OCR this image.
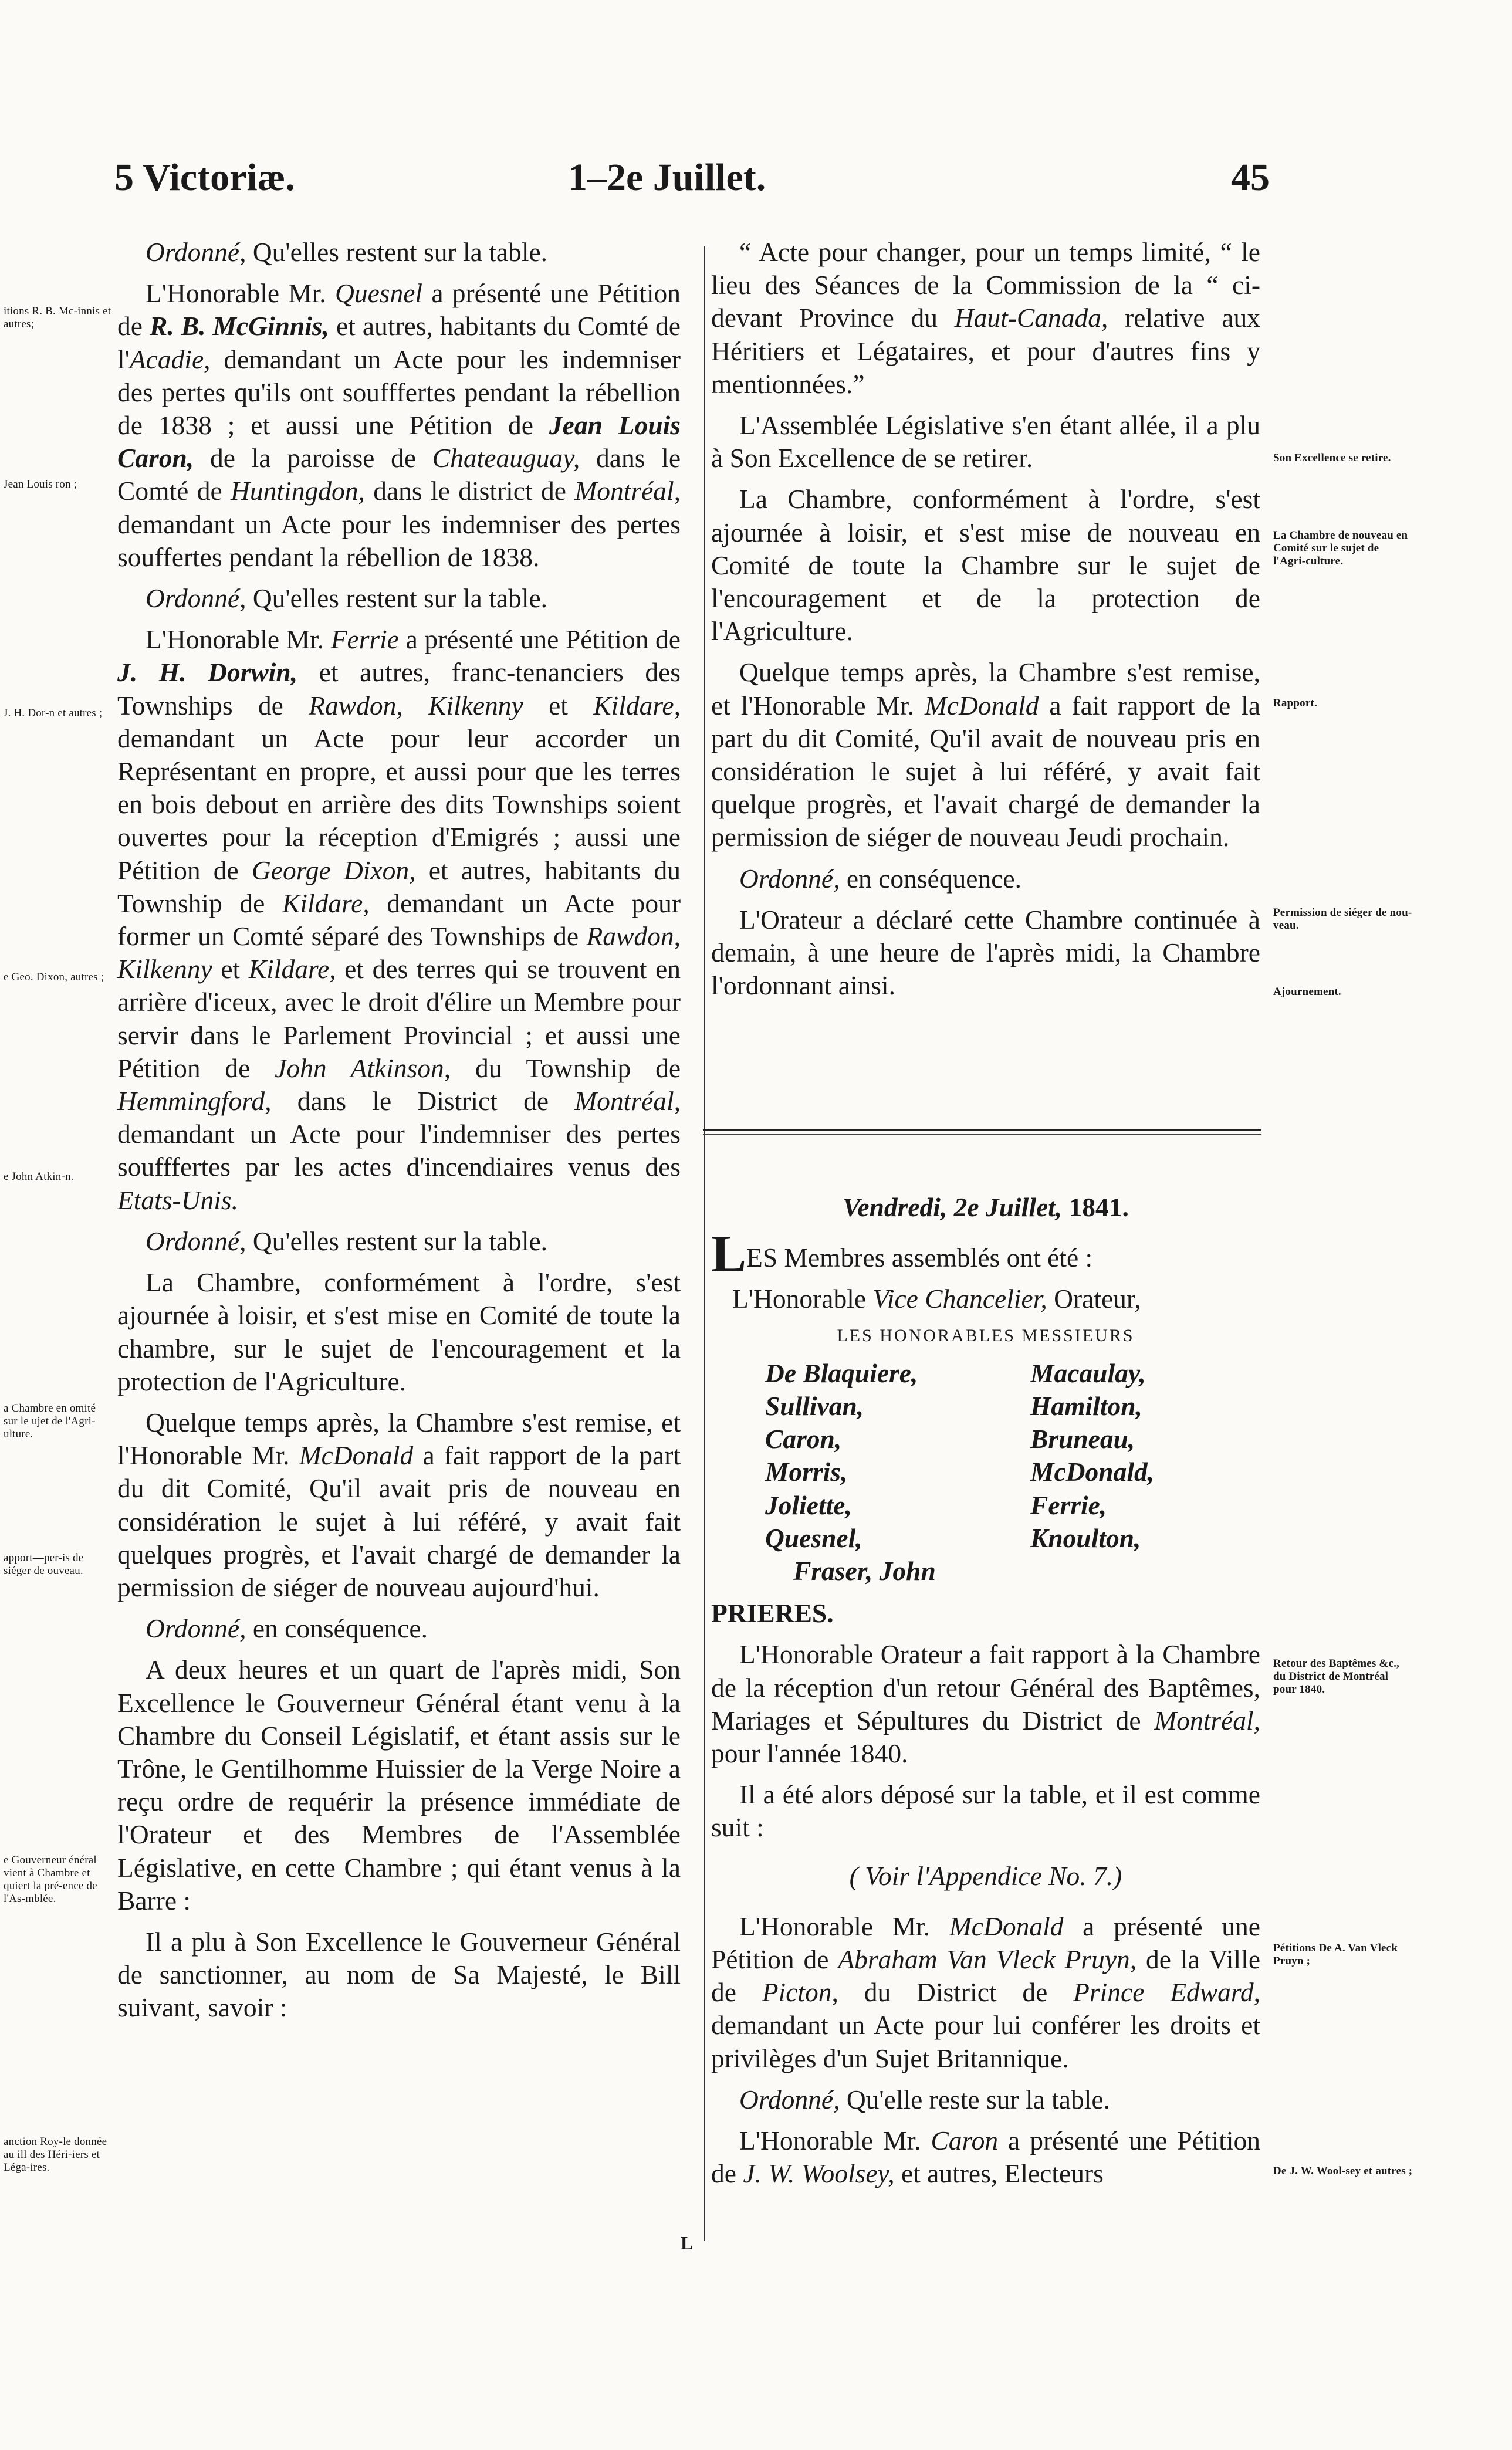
5 Victoriæ.	1–2e Juillet.	45
itions R. B. Mc-innis et autres;
Jean Louis ron ;
J. H. Dor-n et autres ;
e Geo. Dixon, autres ;
e John Atkin-n.
a Chambre en omité sur le ujet de l'Agri-ulture.
apport—per-is de siéger de ouveau.
e Gouverneur énéral vient à Chambre et quiert la pré-ence de l'As-mblée.
anction Roy-le donnée au ill des Héri-iers et Léga-ires.
Son Excellence se retire.
La Chambre de nouveau en Comité sur le sujet de l'Agri-culture.
Rapport.
Permission de siéger de nou-veau.
Ajournement.
Retour des Baptêmes &c., du District de Montréal pour 1840.
Pétitions De A. Van Vleck Pruyn ;
De J. W. Wool-sey et autres ;

Ordonné, Qu'elles restent sur la table.

L'Honorable Mr. Quesnel a présenté une Pétition de R. B. McGinnis, et autres, habitants du Comté de l'Acadie, demandant un Acte pour les indemniser des pertes qu'ils ont soufffertes pendant la rébellion de 1838 ; et aussi une Pétition de Jean Louis Caron, de la paroisse de Chateauguay, dans le Comté de Huntingdon, dans le district de Montréal, demandant un Acte pour les indemniser des pertes souffertes pendant la rébellion de 1838.

Ordonné, Qu'elles restent sur la table.

L'Honorable Mr. Ferrie a présenté une Pétition de J. H. Dorwin, et autres, franc-tenanciers des Townships de Rawdon, Kilkenny et Kildare, demandant un Acte pour leur accorder un Représentant en propre, et aussi pour que les terres en bois debout en arrière des dits Townships soient ouvertes pour la réception d'Emigrés ; aussi une Pétition de George Dixon, et autres, habitants du Township de Kildare, demandant un Acte pour former un Comté séparé des Townships de Rawdon, Kilkenny et Kildare, et des terres qui se trouvent en arrière d'iceux, avec le droit d'élire un Membre pour servir dans le Parlement Provincial ; et aussi une Pétition de John Atkinson, du Township de Hemmingford, dans le District de Montréal, demandant un Acte pour l'indemniser des pertes soufffertes par les actes d'incendiaires venus des Etats-Unis.

Ordonné, Qu'elles restent sur la table.

La Chambre, conformément à l'ordre, s'est ajournée à loisir, et s'est mise en Comité de toute la chambre, sur le sujet de l'encouragement et la protection de l'Agriculture.

Quelque temps après, la Chambre s'est remise, et l'Honorable Mr. McDonald a fait rapport de la part du dit Comité, Qu'il avait pris de nouveau en considération le sujet à lui référé, y avait fait quelques progrès, et l'avait chargé de demander la permission de siéger de nouveau aujourd'hui.

Ordonné, en conséquence.

A deux heures et un quart de l'après midi, Son Excellence le Gouverneur Général étant venu à la Chambre du Conseil Législatif, et étant assis sur le Trône, le Gentilhomme Huissier de la Verge Noire a reçu ordre de requérir la présence immédiate de l'Orateur et des Membres de l'Assemblée Législative, en cette Chambre ; qui étant venus à la Barre :

Il a plu à Son Excellence le Gouverneur Général de sanctionner, au nom de Sa Majesté, le Bill suivant, savoir :

“ Acte pour changer, pour un temps limité, “ le lieu des Séances de la Commission de la “ ci-devant Province du Haut-Canada, relative aux Héritiers et Légataires, et pour d'autres fins y mentionnées.”

L'Assemblée Législative s'en étant allée, il a plu à Son Excellence de se retirer.

La Chambre, conformément à l'ordre, s'est ajournée à loisir, et s'est mise de nouveau en Comité de toute la Chambre sur le sujet de l'encouragement et de la protection de l'Agriculture.

Quelque temps après, la Chambre s'est remise, et l'Honorable Mr. McDonald a fait rapport de la part du dit Comité, Qu'il avait de nouveau pris en considération le sujet à lui référé, y avait fait quelque progrès, et l'avait chargé de demander la permission de siéger de nouveau Jeudi prochain.

Ordonné, en conséquence.

L'Orateur a déclaré cette Chambre continuée à demain, à une heure de l'après midi, la Chambre l'ordonnant ainsi.

Vendredi, 2e Juillet, 1841.

LES Membres assemblés ont été :

L'Honorable Vice Chancelier, Orateur,

LES HONORABLES MESSIEURS

De Blaquiere,
Sullivan,
Caron,
Morris,
Joliette,
Quesnel,
Fraser, John
Macaulay,
Hamilton,
Bruneau,
McDonald,
Ferrie,
Knoulton,

PRIERES.

L'Honorable Orateur a fait rapport à la Chambre de la réception d'un retour Général des Baptêmes, Mariages et Sépultures du District de Montréal, pour l'année 1840.

Il a été alors déposé sur la table, et il est comme suit :

( Voir l'Appendice No. 7.)

L'Honorable Mr. McDonald a présenté une Pétition de Abraham Van Vleck Pruyn, de la Ville de Picton, du District de Prince Edward, demandant un Acte pour lui conférer les droits et privilèges d'un Sujet Britannique.

Ordonné, Qu'elle reste sur la table.

L'Honorable Mr. Caron a présenté une Pétition de J. W. Woolsey, et autres, Electeurs

L
